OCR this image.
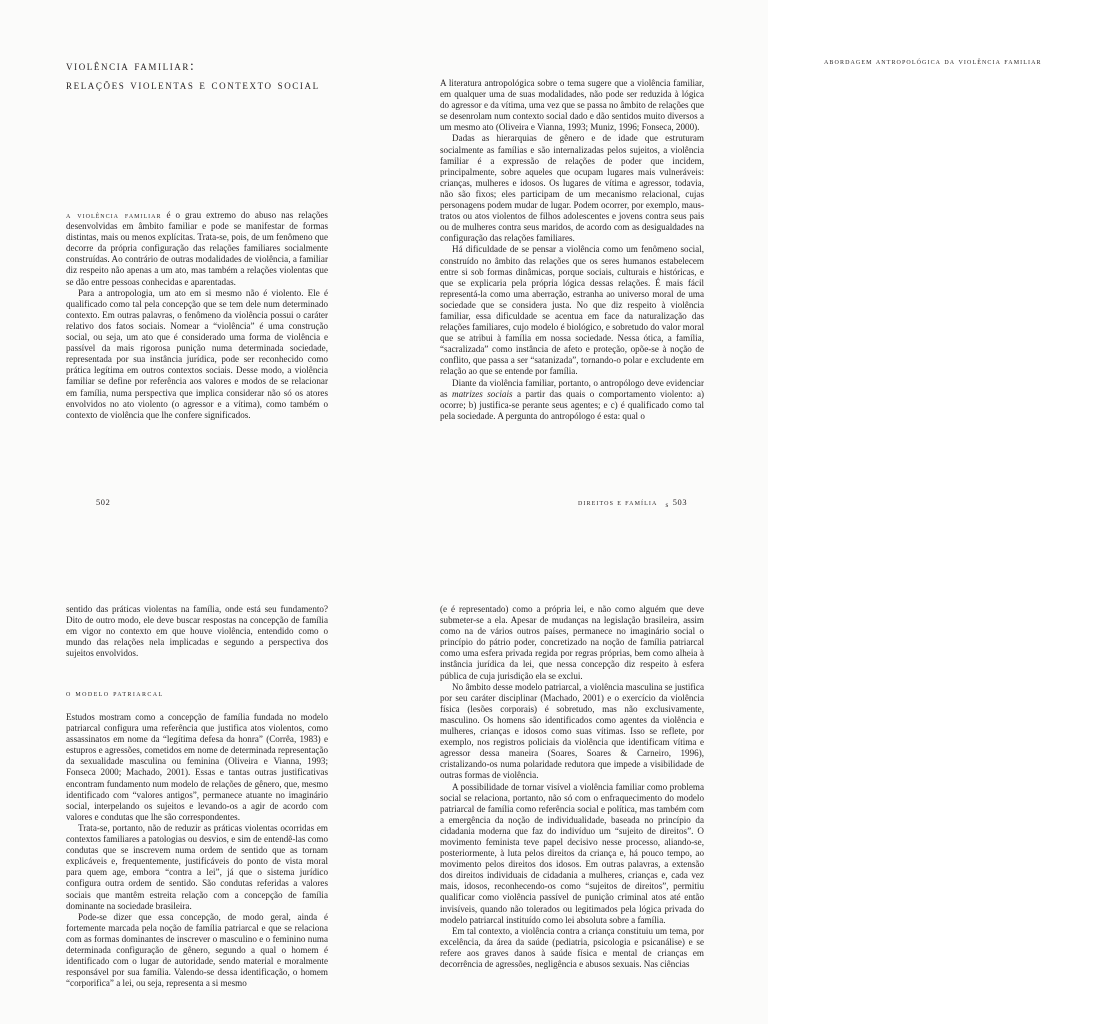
violência familiar:
relações violentas e contexto social

a violência familiar é o grau extremo do abuso nas relações desenvolvidas em âmbito familiar e pode se manifestar de formas distintas, mais ou menos explícitas. Trata-se, pois, de um fenômeno que decorre da própria configuração das relações familiares socialmente construídas. Ao contrário de outras modalidades de violência, a familiar diz respeito não apenas a um ato, mas também a relações violentas que se dão entre pessoas conhecidas e aparentadas.

Para a antropologia, um ato em si mesmo não é violento. Ele é qualificado como tal pela concepção que se tem dele num determinado contexto. Em outras palavras, o fenômeno da violência possui o caráter relativo dos fatos sociais. Nomear a “violência” é uma construção social, ou seja, um ato que é considerado uma forma de violência e passível da mais rigorosa punição numa determinada sociedade, representada por sua instância jurídica, pode ser reconhecido como prática legítima em outros contextos sociais. Desse modo, a violência familiar se define por referência aos valores e modos de se relacionar em família, numa perspectiva que implica considerar não só os atores envolvidos no ato violento (o agressor e a vítima), como também o contexto de violência que lhe confere significados.

502
abordagem antropológica da violência familiar

A literatura antropológica sobre o tema sugere que a violência familiar, em qualquer uma de suas modalidades, não pode ser reduzida à lógica do agressor e da vítima, uma vez que se passa no âmbito de relações que se desenrolam num contexto social dado e dão sentidos muito diversos a um mesmo ato (Oliveira e Vianna, 1993; Muniz, 1996; Fonseca, 2000).

Dadas as hierarquias de gênero e de idade que estruturam socialmente as famílias e são internalizadas pelos sujeitos, a violência familiar é a expressão de relações de poder que incidem, principalmente, sobre aqueles que ocupam lugares mais vulneráveis: crianças, mulheres e idosos. Os lugares de vítima e agressor, todavia, não são fixos; eles participam de um mecanismo relacional, cujas personagens podem mudar de lugar. Podem ocorrer, por exemplo, maus-tratos ou atos violentos de filhos adolescentes e jovens contra seus pais ou de mulheres contra seus maridos, de acordo com as desigualdades na configuração das relações familiares.

Há dificuldade de se pensar a violência como um fenômeno social, construído no âmbito das relações que os seres humanos estabelecem entre si sob formas dinâmicas, porque sociais, culturais e históricas, e que se explicaria pela própria lógica dessas relações. É mais fácil representá-la como uma aberração, estranha ao universo moral de uma sociedade que se considera justa. No que diz respeito à violência familiar, essa dificuldade se acentua em face da naturalização das relações familiares, cujo modelo é biológico, e sobretudo do valor moral que se atribui à família em nossa sociedade. Nessa ótica, a família, “sacralizada” como instância de afeto e proteção, opõe-se à noção de conflito, que passa a ser “satanizada”, tornando-o polar e excludente em relação ao que se entende por família.

Diante da violência familiar, portanto, o antropólogo deve evidenciar as matrizes sociais a partir das quais o comportamento violento: a) ocorre; b) justifica-se perante seus agentes; e c) é qualificado como tal pela sociedade. A pergunta do antropólogo é esta: qual o

direitos e família $_s$ 503

sentido das práticas violentas na família, onde está seu fundamento? Dito de outro modo, ele deve buscar respostas na concepção de família em vigor no contexto em que houve violência, entendido como o mundo das relações nela implicadas e segundo a perspectiva dos sujeitos envolvidos.

o modelo patriarcal

Estudos mostram como a concepção de família fundada no modelo patriarcal configura uma referência que justifica atos violentos, como assassinatos em nome da “legítima defesa da honra” (Corrêa, 1983) e estupros e agressões, cometidos em nome de determinada representação da sexualidade masculina ou feminina (Oliveira e Vianna, 1993; Fonseca 2000; Machado, 2001). Essas e tantas outras justificativas encontram fundamento num modelo de relações de gênero, que, mesmo identificado com “valores antigos”, permanece atuante no imaginário social, interpelando os sujeitos e levando-os a agir de acordo com valores e condutas que lhe são correspondentes.

Trata-se, portanto, não de reduzir as práticas violentas ocorridas em contextos familiares a patologias ou desvios, e sim de entendê-las como condutas que se inscrevem numa ordem de sentido que as tornam explicáveis e, frequentemente, justificáveis do ponto de vista moral para quem age, embora “contra a lei”, já que o sistema jurídico configura outra ordem de sentido. São condutas referidas a valores sociais que mantêm estreita relação com a concepção de família dominante na sociedade brasileira.

Pode-se dizer que essa concepção, de modo geral, ainda é fortemente marcada pela noção de família patriarcal e que se relaciona com as formas dominantes de inscrever o masculino e o feminino numa determinada configuração de gênero, segundo a qual o homem é identificado com o lugar de autoridade, sendo material e moralmente responsável por sua família. Valendo-se dessa identificação, o homem “corporifica” a lei, ou seja, representa a si mesmo

(e é representado) como a própria lei, e não como alguém que deve submeter-se a ela. Apesar de mudanças na legislação brasileira, assim como na de vários outros países, permanece no imaginário social o princípio do pátrio poder, concretizado na noção de família patriarcal como uma esfera privada regida por regras próprias, bem como alheia à instância jurídica da lei, que nessa concepção diz respeito à esfera pública de cuja jurisdição ela se exclui.

No âmbito desse modelo patriarcal, a violência masculina se justifica por seu caráter disciplinar (Machado, 2001) e o exercício da violência física (lesões corporais) é sobretudo, mas não exclusivamente, masculino. Os homens são identificados como agentes da violência e mulheres, crianças e idosos como suas vítimas. Isso se reflete, por exemplo, nos registros policiais da violência que identificam vítima e agressor dessa maneira (Soares, Soares & Carneiro, 1996), cristalizando-os numa polaridade redutora que impede a visibilidade de outras formas de violência.

A possibilidade de tornar visível a violência familiar como problema social se relaciona, portanto, não só com o enfraquecimento do modelo patriarcal de família como referência social e política, mas também com a emergência da noção de individualidade, baseada no princípio da cidadania moderna que faz do indivíduo um “sujeito de direitos”. O movimento feminista teve papel decisivo nesse processo, aliando-se, posteriormente, à luta pelos direitos da criança e, há pouco tempo, ao movimento pelos direitos dos idosos. Em outras palavras, a extensão dos direitos individuais de cidadania a mulheres, crianças e, cada vez mais, idosos, reconhecendo-os como “sujeitos de direitos”, permitiu qualificar como violência passível de punição criminal atos até então invisíveis, quando não tolerados ou legitimados pela lógica privada do modelo patriarcal instituído como lei absoluta sobre a família.

Em tal contexto, a violência contra a criança constituiu um tema, por excelência, da área da saúde (pediatria, psicologia e psicanálise) e se refere aos graves danos à saúde física e mental de crianças em decorrência de agressões, negligência e abusos sexuais. Nas ciências
